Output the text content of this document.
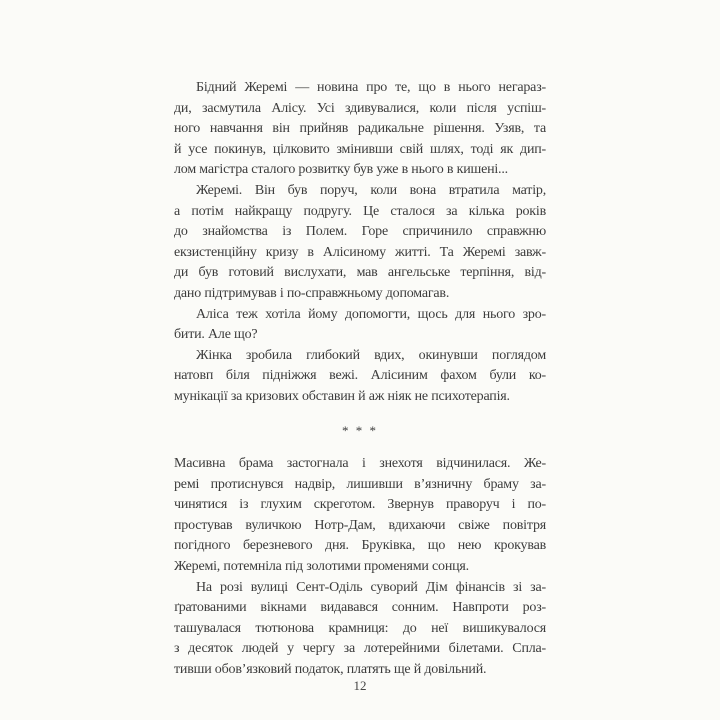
Бідний Жеремі — новина про те, що в нього негараз-
ди, засмутила Алісу. Усі здивувалися, коли після успіш-
ного навчання він прийняв радикальне рішення. Узяв, та
й усе покинув, цілковито змінивши свій шлях, тоді як дип-
лом магістра сталого розвитку був уже в нього в кишені...
Жеремі. Він був поруч, коли вона втратила матір,
а потім найкращу подругу. Це сталося за кілька років
до знайомства із Полем. Горе спричинило справжню
екзистенційну кризу в Алісиному житті. Та Жеремі завж-
ди був готовий вислухати, мав ангельське терпіння, від-
дано підтримував і по-справжньому допомагав.
Аліса теж хотіла йому допомогти, щось для нього зро-
бити. Але що?
Жінка зробила глибокий вдих, окинувши поглядом
натовп біля підніжжя вежі. Алісиним фахом були ко-
мунікації за кризових обставин й аж ніяк не психотерапія.
* * *
Масивна брама застогнала і знехотя відчинилася. Же-
ремі протиснувся надвір, лишивши в’язничну браму за-
чинятися із глухим скреготом. Звернув праворуч і по-
простував вуличкою Нотр-Дам, вдихаючи свіже повітря
погідного березневого дня. Бруківка, що нею крокував
Жеремі, потемніла під золотими променями сонця.
На розі вулиці Сент-Оділь суворий Дім фінансів зі за-
ґратованими вікнами видавався сонним. Навпроти роз-
ташувалася тютюнова крамниця: до неї вишикувалося
з десяток людей у чергу за лотерейними білетами. Спла-
тивши обов’язковий податок, платять ще й довільний.
12
